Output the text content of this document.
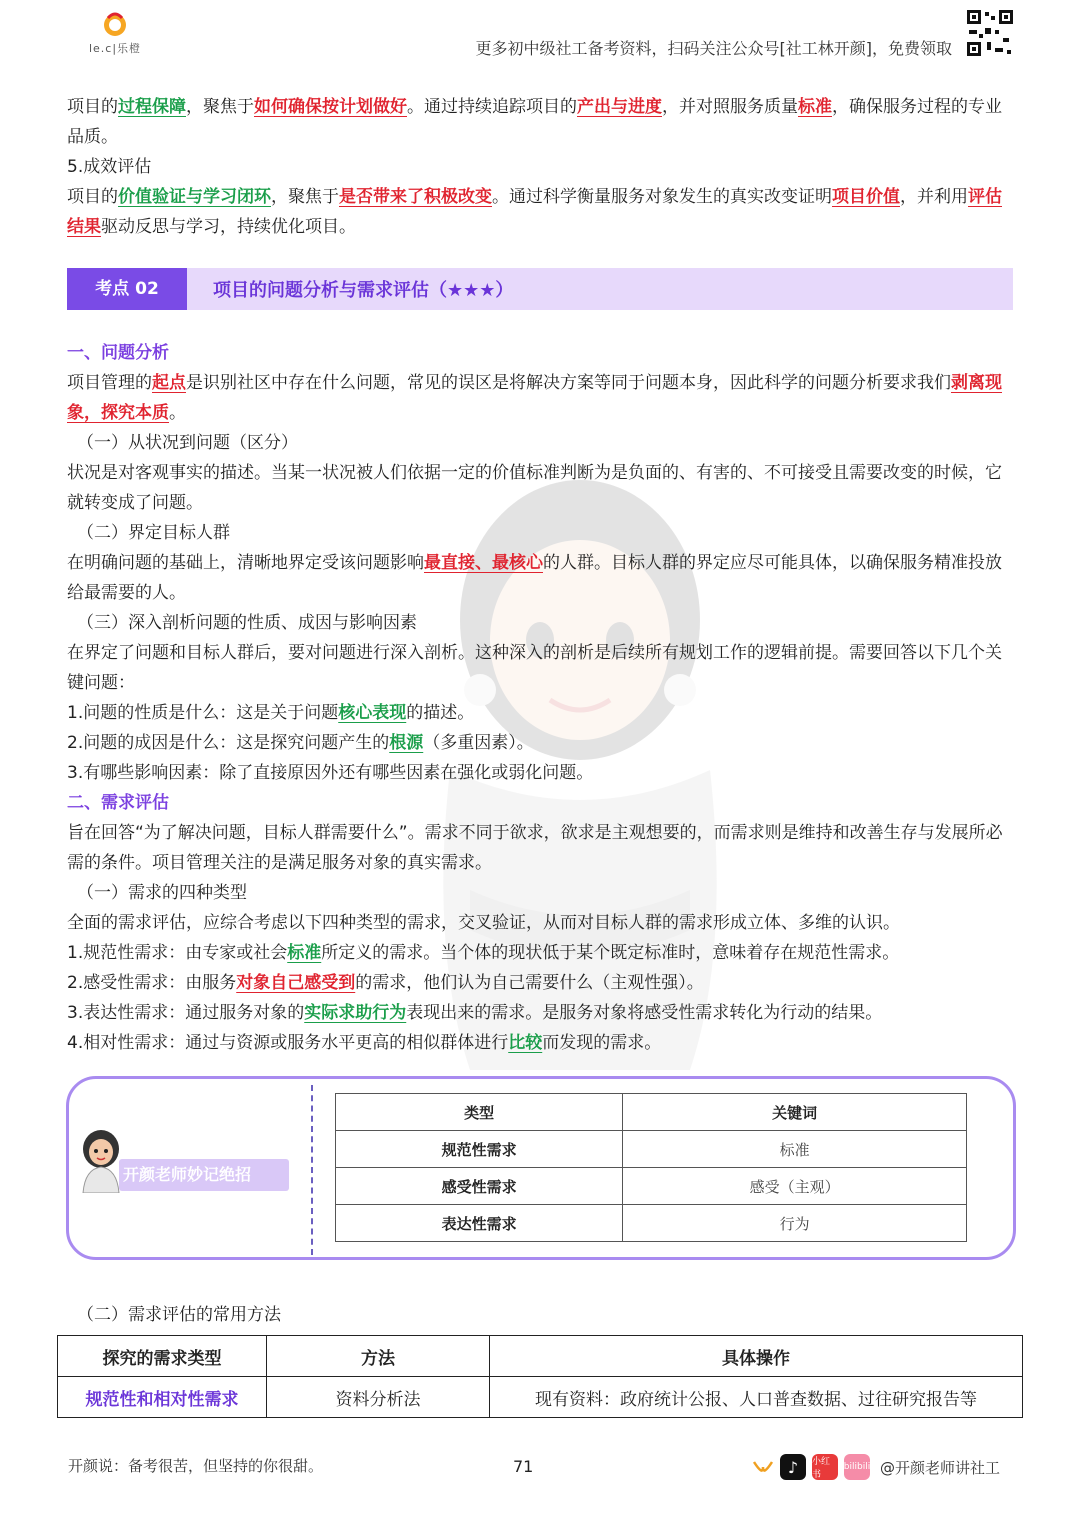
le.c|乐橙	更多初中级社工备考资料，扫码关注公众号[社工林开颜]，免费领取

项目的过程保障，聚焦于如何确保按计划做好。通过持续追踪项目的产出与进度，并对照服务质量标准，确保服务过程的专业品质。

5.成效评估

项目的价值验证与学习闭环，聚焦于是否带来了积极改变。通过科学衡量服务对象发生的真实改变证明项目价值，并利用评估结果驱动反思与学习，持续优化项目。

考点 02	项目的问题分析与需求评估（★★★）

一、问题分析

项目管理的起点是识别社区中存在什么问题，常见的误区是将解决方案等同于问题本身，因此科学的问题分析要求我们剥离现象，探究本质。

（一）从状况到问题（区分）

状况是对客观事实的描述。当某一状况被人们依据一定的价值标准判断为是负面的、有害的、不可接受且需要改变的时候，它就转变成了问题。

（二）界定目标人群

在明确问题的基础上，清晰地界定受该问题影响最直接、最核心的人群。目标人群的界定应尽可能具体，以确保服务精准投放给最需要的人。

（三）深入剖析问题的性质、成因与影响因素

在界定了问题和目标人群后，要对问题进行深入剖析。这种深入的剖析是后续所有规划工作的逻辑前提。需要回答以下几个关键问题：

1.问题的性质是什么：这是关于问题核心表现的描述。

2.问题的成因是什么：这是探究问题产生的根源（多重因素）。

3.有哪些影响因素：除了直接原因外还有哪些因素在强化或弱化问题。

二、需求评估

旨在回答“为了解决问题，目标人群需要什么”。需求不同于欲求，欲求是主观想要的，而需求则是维持和改善生存与发展所必需的条件。项目管理关注的是满足服务对象的真实需求。

（一）需求的四种类型

全面的需求评估，应综合考虑以下四种类型的需求，交叉验证，从而对目标人群的需求形成立体、多维的认识。

1.规范性需求：由专家或社会标准所定义的需求。当个体的现状低于某个既定标准时，意味着存在规范性需求。

2.感受性需求：由服务对象自己感受到的需求，他们认为自己需要什么（主观性强）。

3.表达性需求：通过服务对象的实际求助行为表现出来的需求。是服务对象将感受性需求转化为行动的结果。

4.相对性需求：通过与资源或服务水平更高的相似群体进行比较而发现的需求。

开颜老师妙记绝招
类型	关键词
规范性需求	标准
感受性需求	感受（主观）
表达性需求	行为
（二）需求评估的常用方法
探究的需求类型	方法	具体操作
规范性和相对性需求	资料分析法	现有资料：政府统计公报、人口普查数据、过往研究报告等
开颜说：备考很苦，但坚持的你很甜。	71	♪	小红书
bilibili @开颜老师讲社工
